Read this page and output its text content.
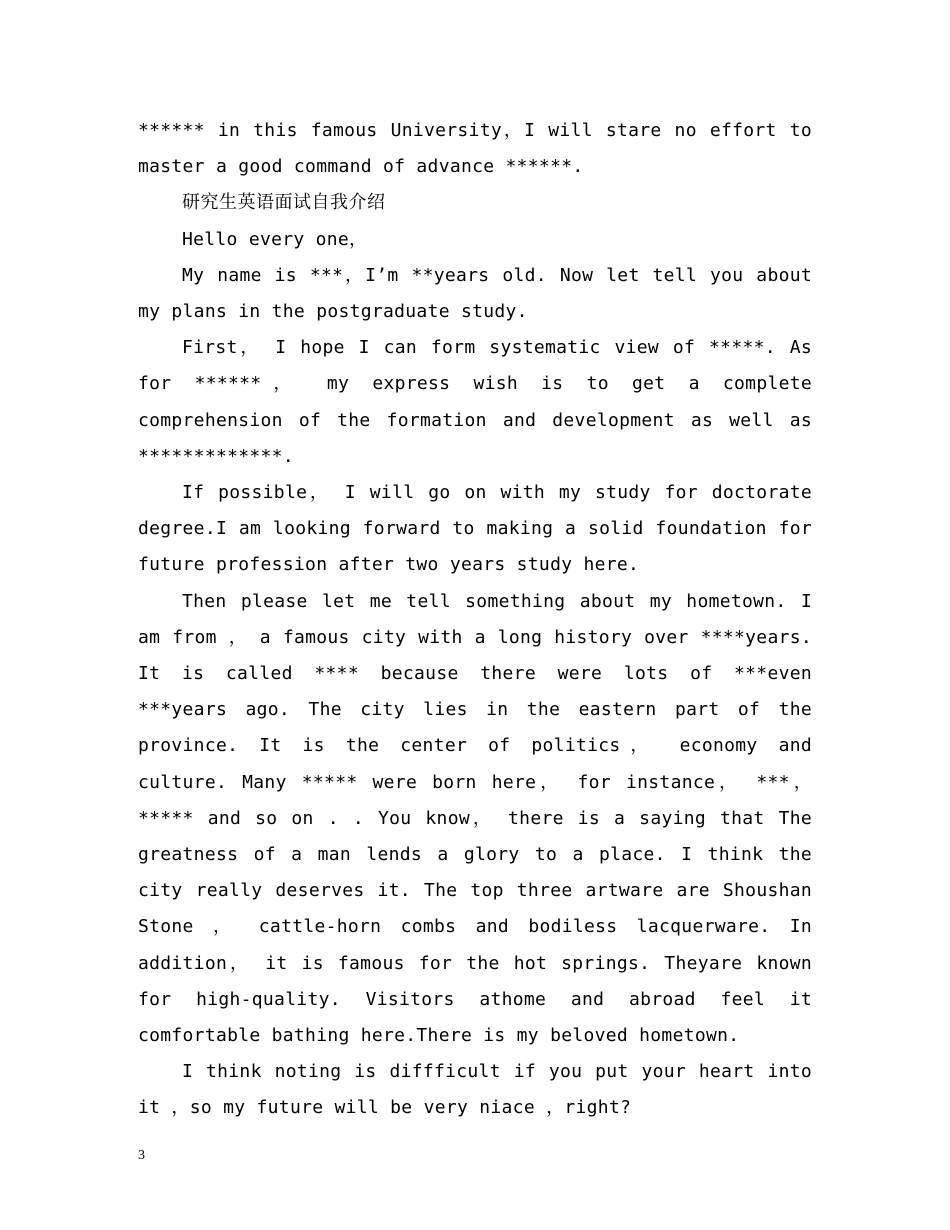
****** in this famous University，I will stare no effort to master a good command of advance ******.

研究生英语面试自我介绍

Hello every one，

My name is ***，I’m **years old. Now let tell you about my plans in the postgraduate study.

First， I hope I can form systematic view of *****. As for ******， my express wish is to get a complete comprehension of the formation and development as well as *************.

If possible， I will go on with my study for doctorate degree.I am looking forward to making a solid foundation for future profession after two years study here.

Then please let me tell something about my hometown. I am from ， a famous city with a long history over ****years. It is called **** because there were lots of ***even ***years ago. The city lies in the eastern part of the province. It is the center of politics， economy and culture. Many ***** were born here， for instance， ***， ***** and so on . . You know， there is a saying that The greatness of a man lends a glory to a place. I think the city really deserves it. The top three artware are Shoushan Stone ， cattle-horn combs and bodiless lacquerware. In addition， it is famous for the hot springs. Theyare known for high-quality. Visitors athome and abroad feel it comfortable bathing here.There is my beloved hometown.

I think noting is diffficult if you put your heart into it ，so my future will be very niace ，right?

3
